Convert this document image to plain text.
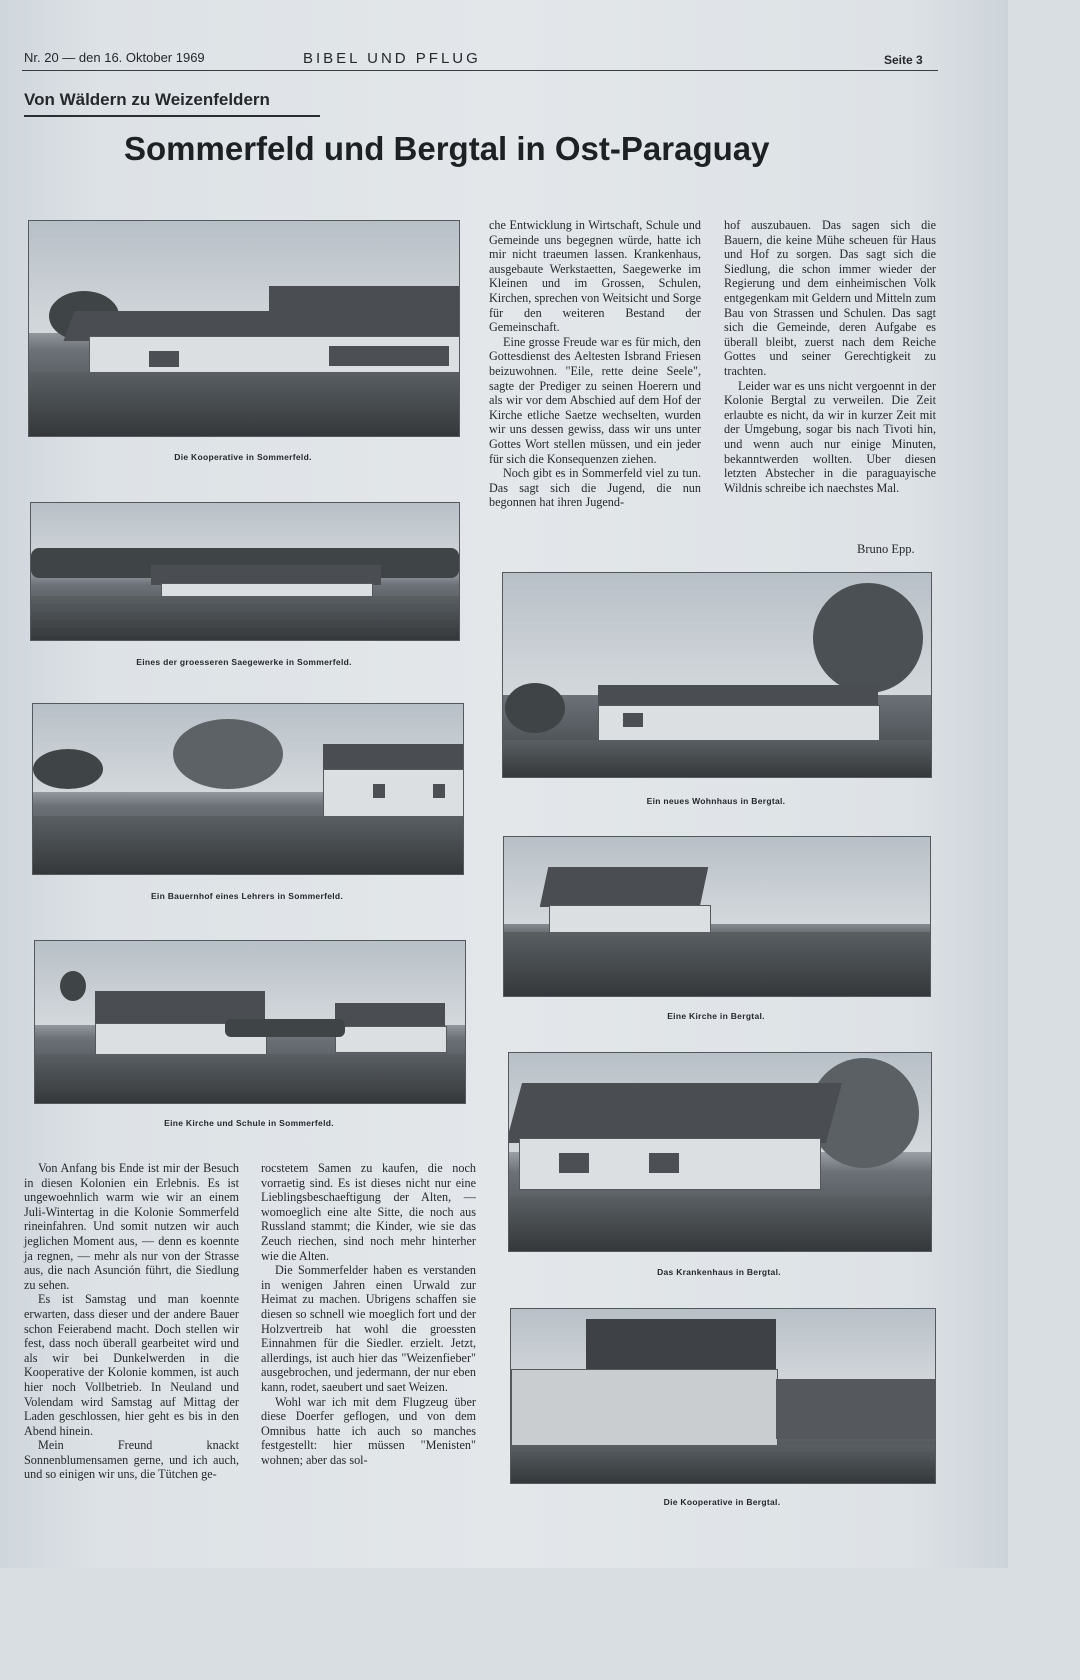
Nr. 20 — den 16. Oktober 1969	BIBEL UND PFLUG	Seite 3
Von Wäldern zu Weizenfeldern
Sommerfeld und Bergtal in Ost-Paraguay
Die Kooperative in Sommerfeld.
Eines der groesseren Saegewerke in Sommerfeld.
Ein Bauernhof eines Lehrers in Sommerfeld.
Eine Kirche und Schule in Sommerfeld.
Ein neues Wohnhaus in Bergtal.
Eine Kirche in Bergtal.
Das Krankenhaus in Bergtal.
Die Kooperative in Bergtal.

che Entwicklung in Wirtschaft, Schule und Gemeinde uns begegnen würde, hatte ich mir nicht traeumen lassen. Krankenhaus, ausgebaute Werkstaetten, Saegewerke im Kleinen und im Grossen, Schulen, Kirchen, sprechen von Weitsicht und Sorge für den weiteren Bestand der Gemeinschaft.

Eine grosse Freude war es für mich, den Gottesdienst des Aeltesten Isbrand Friesen beizuwohnen. "Eile, rette deine Seele", sagte der Prediger zu seinen Hoerern und als wir vor dem Abschied auf dem Hof der Kirche etliche Saetze wechselten, wurden wir uns dessen gewiss, dass wir uns unter Gottes Wort stellen müssen, und ein jeder für sich die Konsequenzen ziehen.

Noch gibt es in Sommerfeld viel zu tun. Das sagt sich die Jugend, die nun begonnen hat ihren Jugend-

hof auszubauen. Das sagen sich die Bauern, die keine Mühe scheuen für Haus und Hof zu sorgen. Das sagt sich die Siedlung, die schon immer wieder der Regierung und dem einheimischen Volk entgegenkam mit Geldern und Mitteln zum Bau von Strassen und Schulen. Das sagt sich die Gemeinde, deren Aufgabe es überall bleibt, zuerst nach dem Reiche Gottes und seiner Gerechtigkeit zu trachten.

Leider war es uns nicht vergoennt in der Kolonie Bergtal zu verweilen. Die Zeit erlaubte es nicht, da wir in kurzer Zeit mit der Umgebung, sogar bis nach Tivoti hin, und wenn auch nur einige Minuten, bekanntwerden wollten. Uber diesen letzten Abstecher in die paraguayische Wildnis schreibe ich naechstes Mal.

Bruno Epp.

Von Anfang bis Ende ist mir der Besuch in diesen Kolonien ein Erlebnis. Es ist ungewoehnlich warm wie wir an einem Juli-Wintertag in die Kolonie Sommerfeld rineinfahren. Und somit nutzen wir auch jeglichen Moment aus, — denn es koennte ja regnen, — mehr als nur von der Strasse aus, die nach Asunción führt, die Siedlung zu sehen.

Es ist Samstag und man koennte erwarten, dass dieser und der andere Bauer schon Feierabend macht. Doch stellen wir fest, dass noch überall gearbeitet wird und als wir bei Dunkelwerden in die Kooperative der Kolonie kommen, ist auch hier noch Vollbetrieb. In Neuland und Volendam wird Samstag auf Mittag der Laden geschlossen, hier geht es bis in den Abend hinein.

Mein Freund knackt Sonnenblumensamen gerne, und ich auch, und so einigen wir uns, die Tütchen ge-

rocstetem Samen zu kaufen, die noch vorraetig sind. Es ist dieses nicht nur eine Lieblingsbeschaeftigung der Alten, — womoeglich eine alte Sitte, die noch aus Russland stammt; die Kinder, wie sie das Zeuch riechen, sind noch mehr hinterher wie die Alten.

Die Sommerfelder haben es verstanden in wenigen Jahren einen Urwald zur Heimat zu machen. Ubrigens schaffen sie diesen so schnell wie moeglich fort und der Holzvertreib hat wohl die groessten Einnahmen für die Siedler. erzielt. Jetzt, allerdings, ist auch hier das "Weizenfieber" ausgebrochen, und jedermann, der nur eben kann, rodet, saeubert und saet Weizen.

Wohl war ich mit dem Flugzeug über diese Doerfer geflogen, und von dem Omnibus hatte ich auch so manches festgestellt: hier müssen "Menisten" wohnen; aber das sol-
